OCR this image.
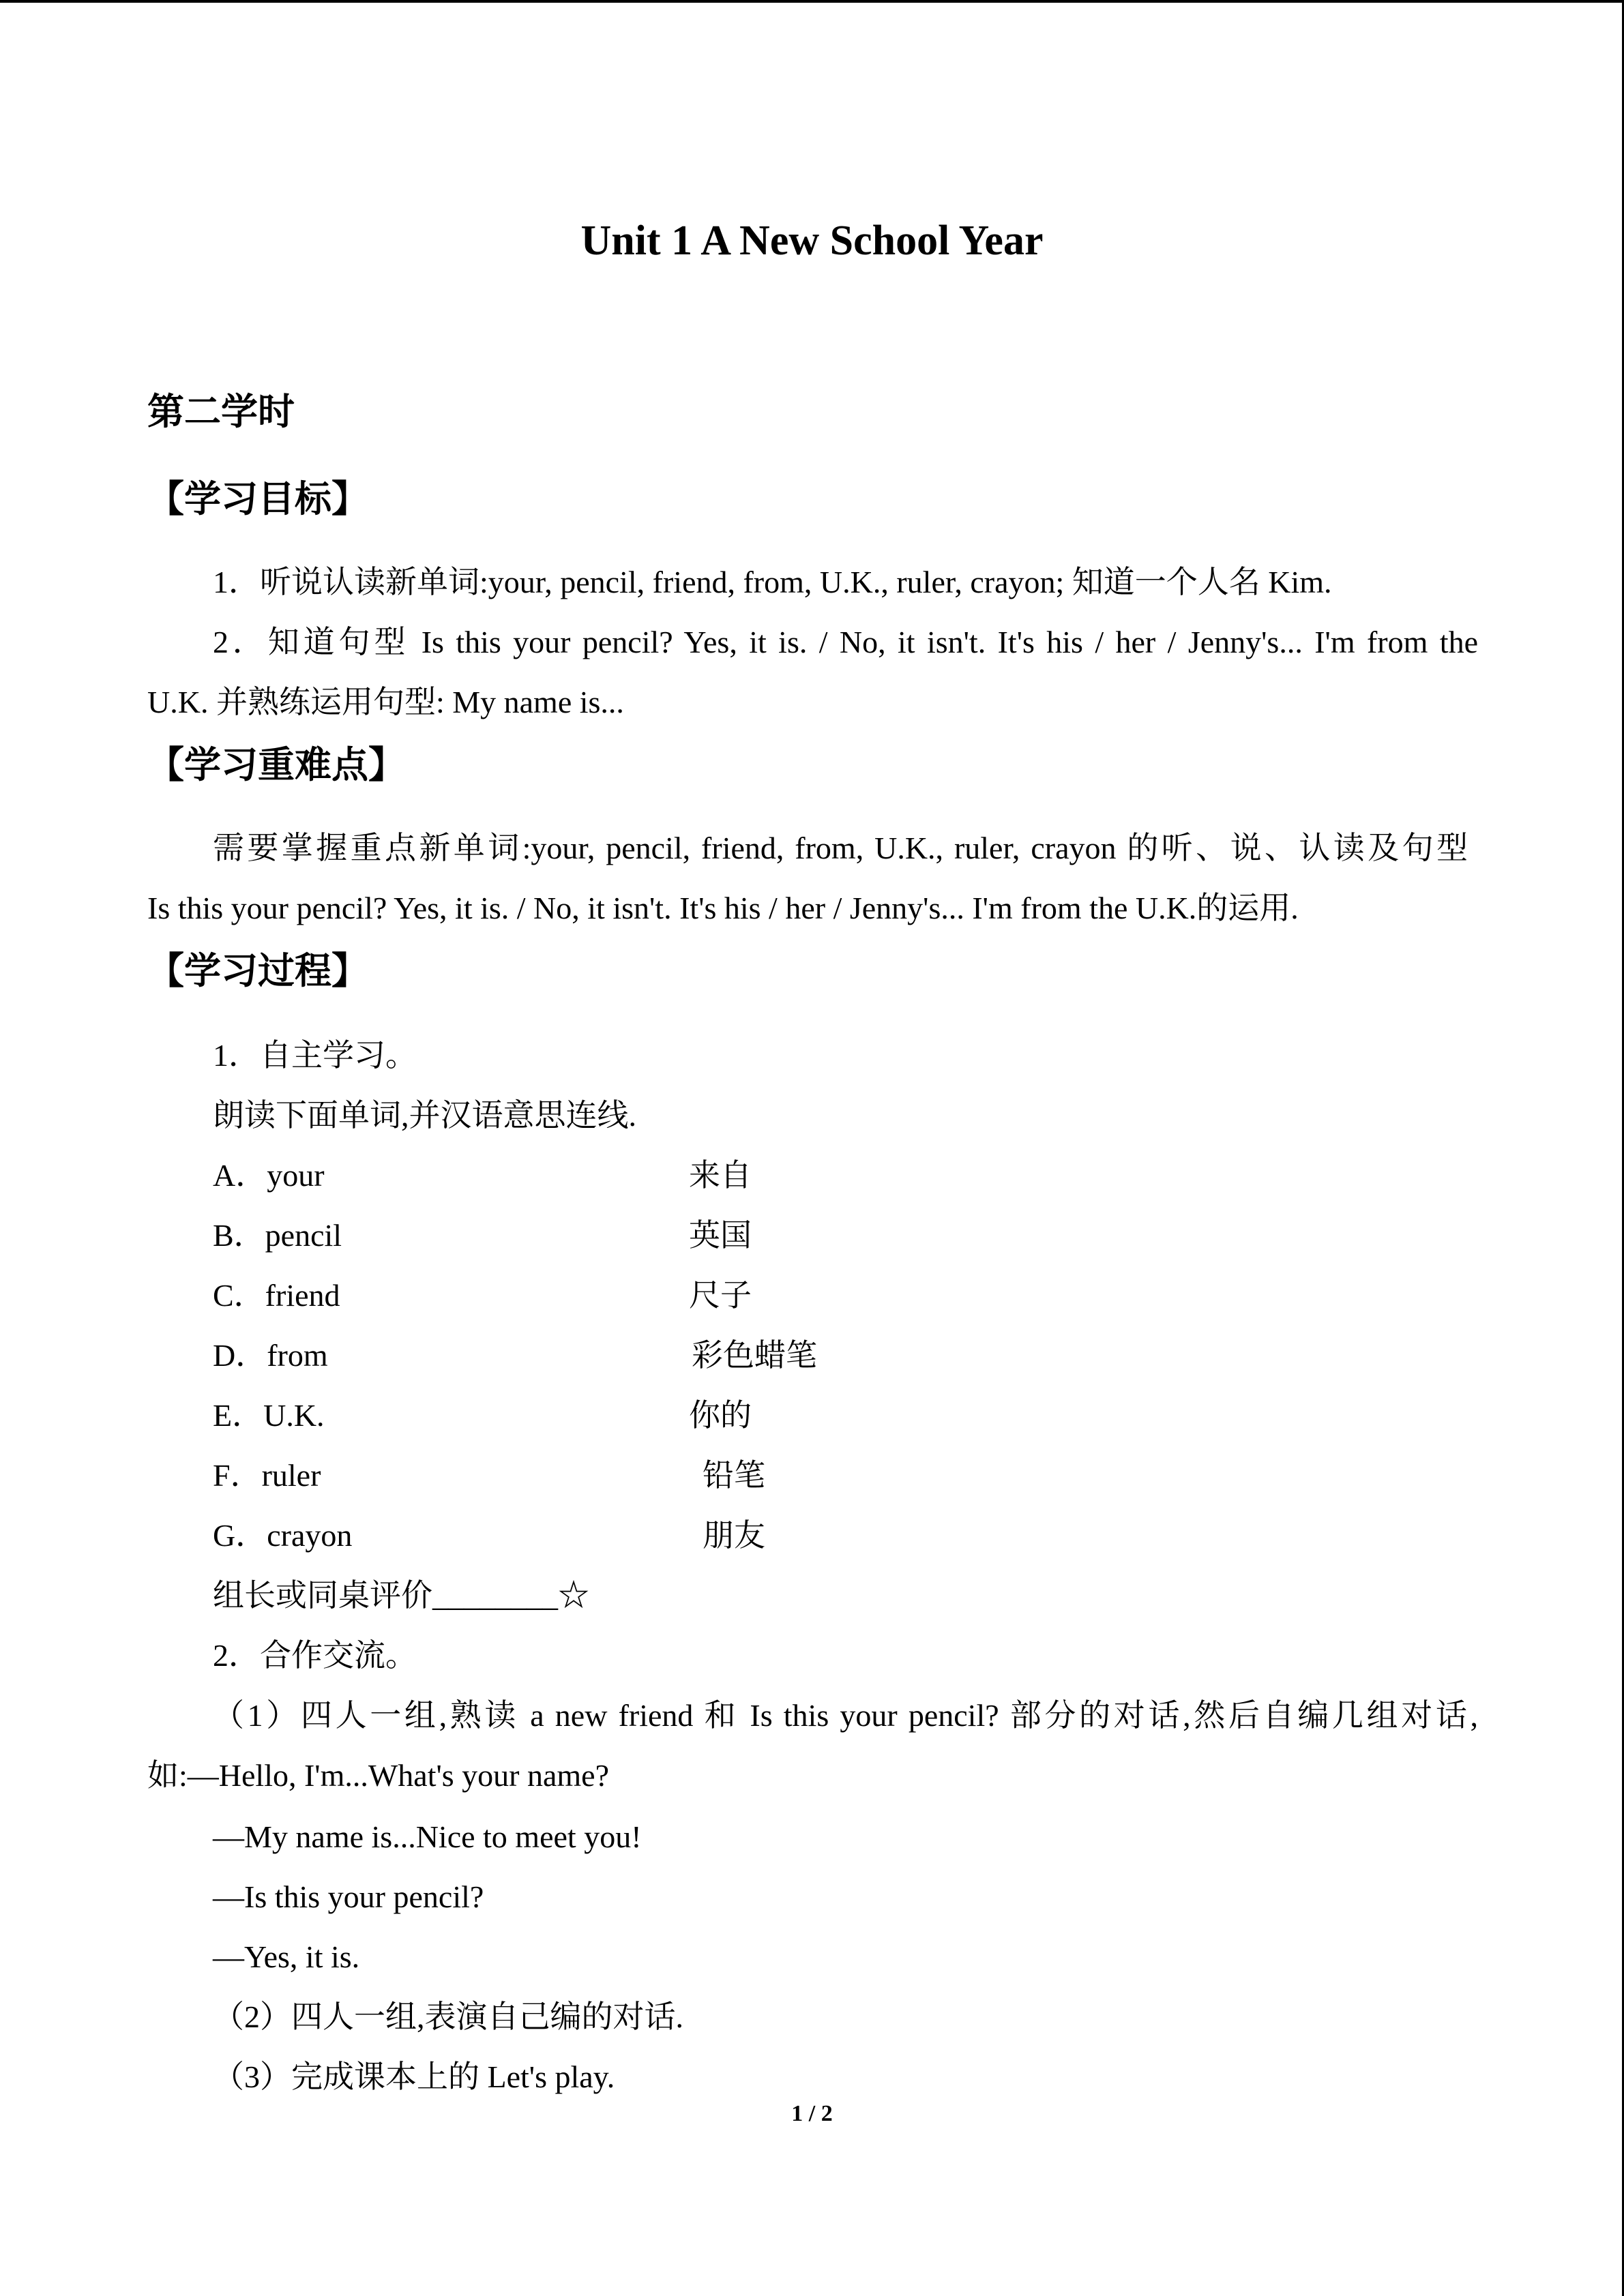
Unit 1 A New School Year
第二学时
【学习目标】
1．听说认读新单词:your, pencil, friend, from, U.K., ruler, crayon; 知道一个人名 Kim.
2．知道句型 Is this your pencil? Yes, it is. / No, it isn't. It's his / her / Jenny's... I'm from the
U.K. 并熟练运用句型: My name is...
【学习重难点】
需要掌握重点新单词:your, pencil, friend, from, U.K., ruler, crayon 的听、说、认读及句型
Is this your pencil? Yes, it is. / No, it isn't. It's his / her / Jenny's... I'm from the U.K.的运用.
【学习过程】
1．自主学习。
朗读下面单词,并汉语意思连线.
A．your	来自
B．pencil	英国
C．friend	尺子
D．from	彩色蜡笔
E．U.K.	你的
F．ruler	铅笔
G．crayon	朋友
组长或同桌评价________☆
2．合作交流。
（1）四人一组,熟读 a new friend 和 Is this your pencil? 部分的对话,然后自编几组对话,
如:—Hello, I'm...What's your name?
—My name is...Nice to meet you!
—Is this your pencil?
—Yes, it is.
（2）四人一组,表演自己编的对话.
（3）完成课本上的 Let's play.
1 / 2
